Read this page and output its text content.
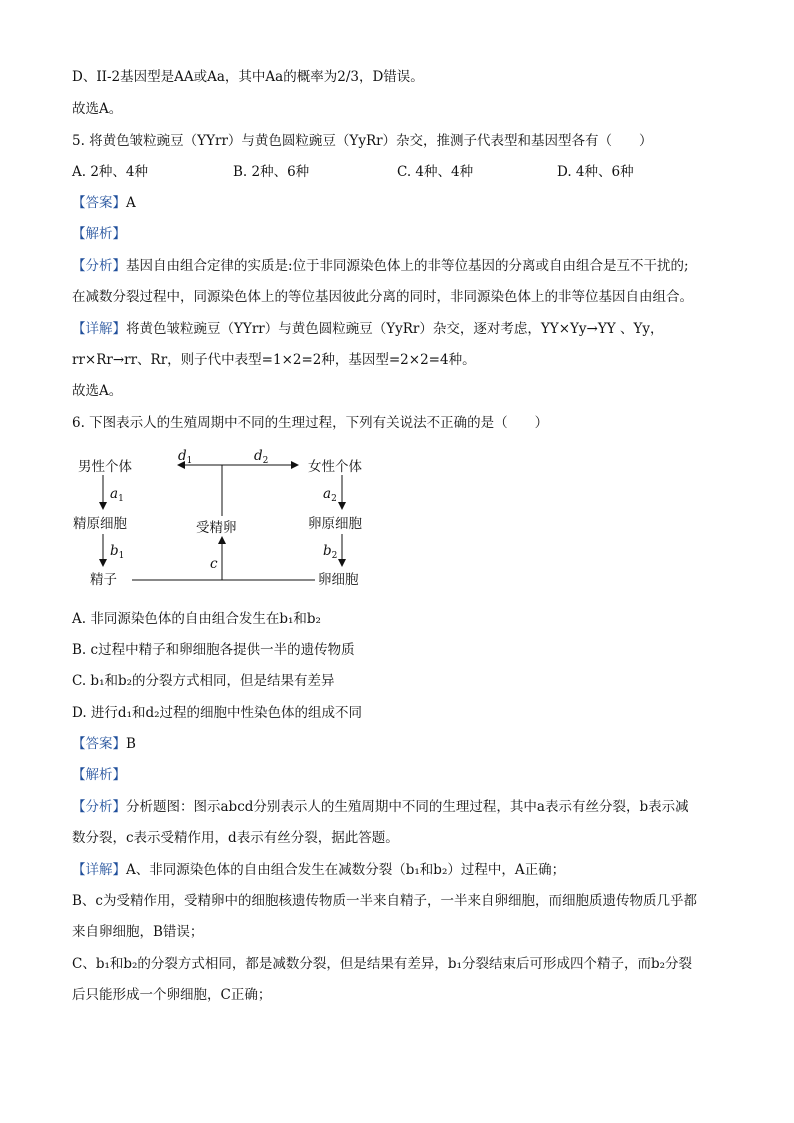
D、II-2基因型是AA或Aa，其中Aa的概率为2/3，D错误。
故选A。
5. 将黄色皱粒豌豆（YYrr）与黄色圆粒豌豆（YyRr）杂交，推测子代表型和基因型各有（　　）
A. 2种、4种	B. 2种、6种	C. 4种、4种	D. 4种、6种
【答案】A
【解析】
【分析】基因自由组合定律的实质是:位于非同源染色体上的非等位基因的分离或自由组合是互不干扰的;
在减数分裂过程中，同源染色体上的等位基因彼此分离的同时，非同源染色体上的非等位基因自由组合。
【详解】将黄色皱粒豌豆（YYrr）与黄色圆粒豌豆（YyRr）杂交，逐对考虑，YY×Yy→YY 、Yy，
rr×Rr→rr、Rr，则子代中表型=1×2=2种，基因型=2×2=4种。
故选A。
6. 下图表示人的生殖周期中不同的生理过程，下列有关说法不正确的是（　　）
男性个体	女性个体
精原细胞	受精卵	卵原细胞
精子	卵细胞
$d_1$	$d_2$
$a_1$	$a_2$
$b_1$	$b_2$
c
A. 非同源染色体的自由组合发生在b₁和b₂
B. c过程中精子和卵细胞各提供一半的遗传物质
C. b₁和b₂的分裂方式相同，但是结果有差异
D. 进行d₁和d₂过程的细胞中性染色体的组成不同
【答案】B
【解析】
【分析】分析题图：图示abcd分别表示人的生殖周期中不同的生理过程，其中a表示有丝分裂，b表示减
数分裂，c表示受精作用，d表示有丝分裂，据此答题。
【详解】A、非同源染色体的自由组合发生在减数分裂（b₁和b₂）过程中，A正确；
B、c为受精作用，受精卵中的细胞核遗传物质一半来自精子，一半来自卵细胞，而细胞质遗传物质几乎都
来自卵细胞，B错误；
C、b₁和b₂的分裂方式相同，都是减数分裂，但是结果有差异，b₁分裂结束后可形成四个精子，而b₂分裂
后只能形成一个卵细胞，C正确；
